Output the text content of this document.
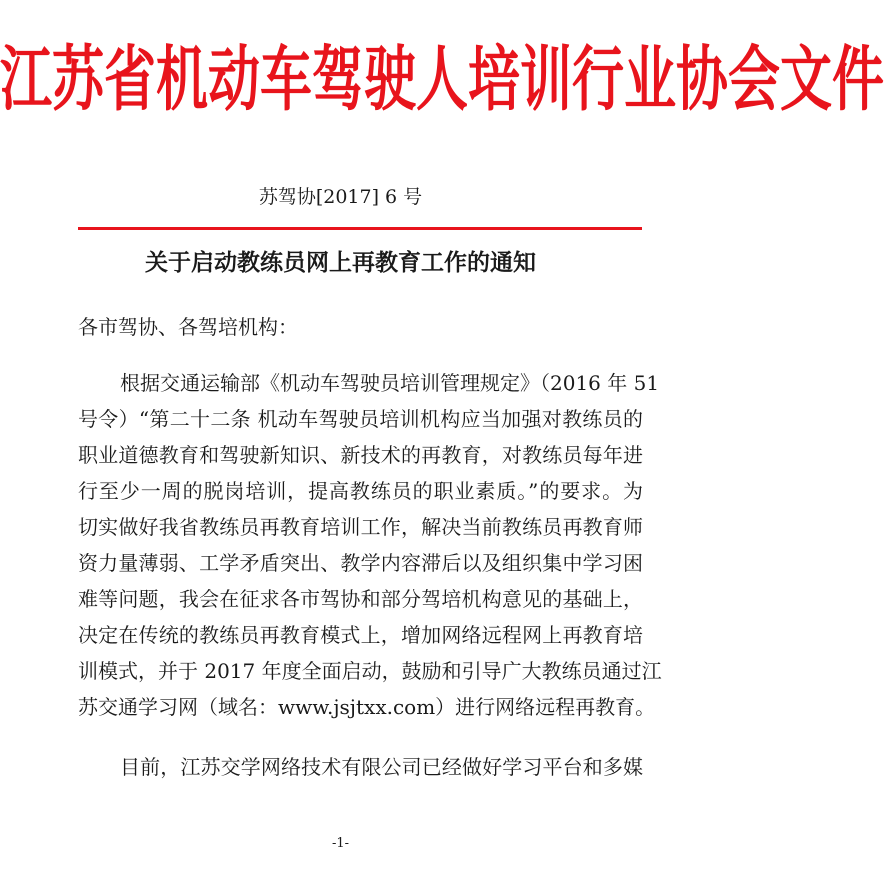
江苏省机动车驾驶人培训行业协会文件
苏驾协[2017] 6 号
关于启动教练员网上再教育工作的通知
各市驾协、各驾培机构：
根据交通运输部《机动车驾驶员培训管理规定》（2016 年 51
号令）“第二十二条 机动车驾驶员培训机构应当加强对教练员的
职业道德教育和驾驶新知识、新技术的再教育，对教练员每年进
行至少一周的脱岗培训，提高教练员的职业素质。”的要求。为
切实做好我省教练员再教育培训工作，解决当前教练员再教育师
资力量薄弱、工学矛盾突出、教学内容滞后以及组织集中学习困
难等问题，我会在征求各市驾协和部分驾培机构意见的基础上，
决定在传统的教练员再教育模式上，增加网络远程网上再教育培
训模式，并于 2017 年度全面启动，鼓励和引导广大教练员通过江
苏交通学习网（域名：www.jsjtxx.com）进行网络远程再教育。
目前，江苏交学网络技术有限公司已经做好学习平台和多媒
-1-
